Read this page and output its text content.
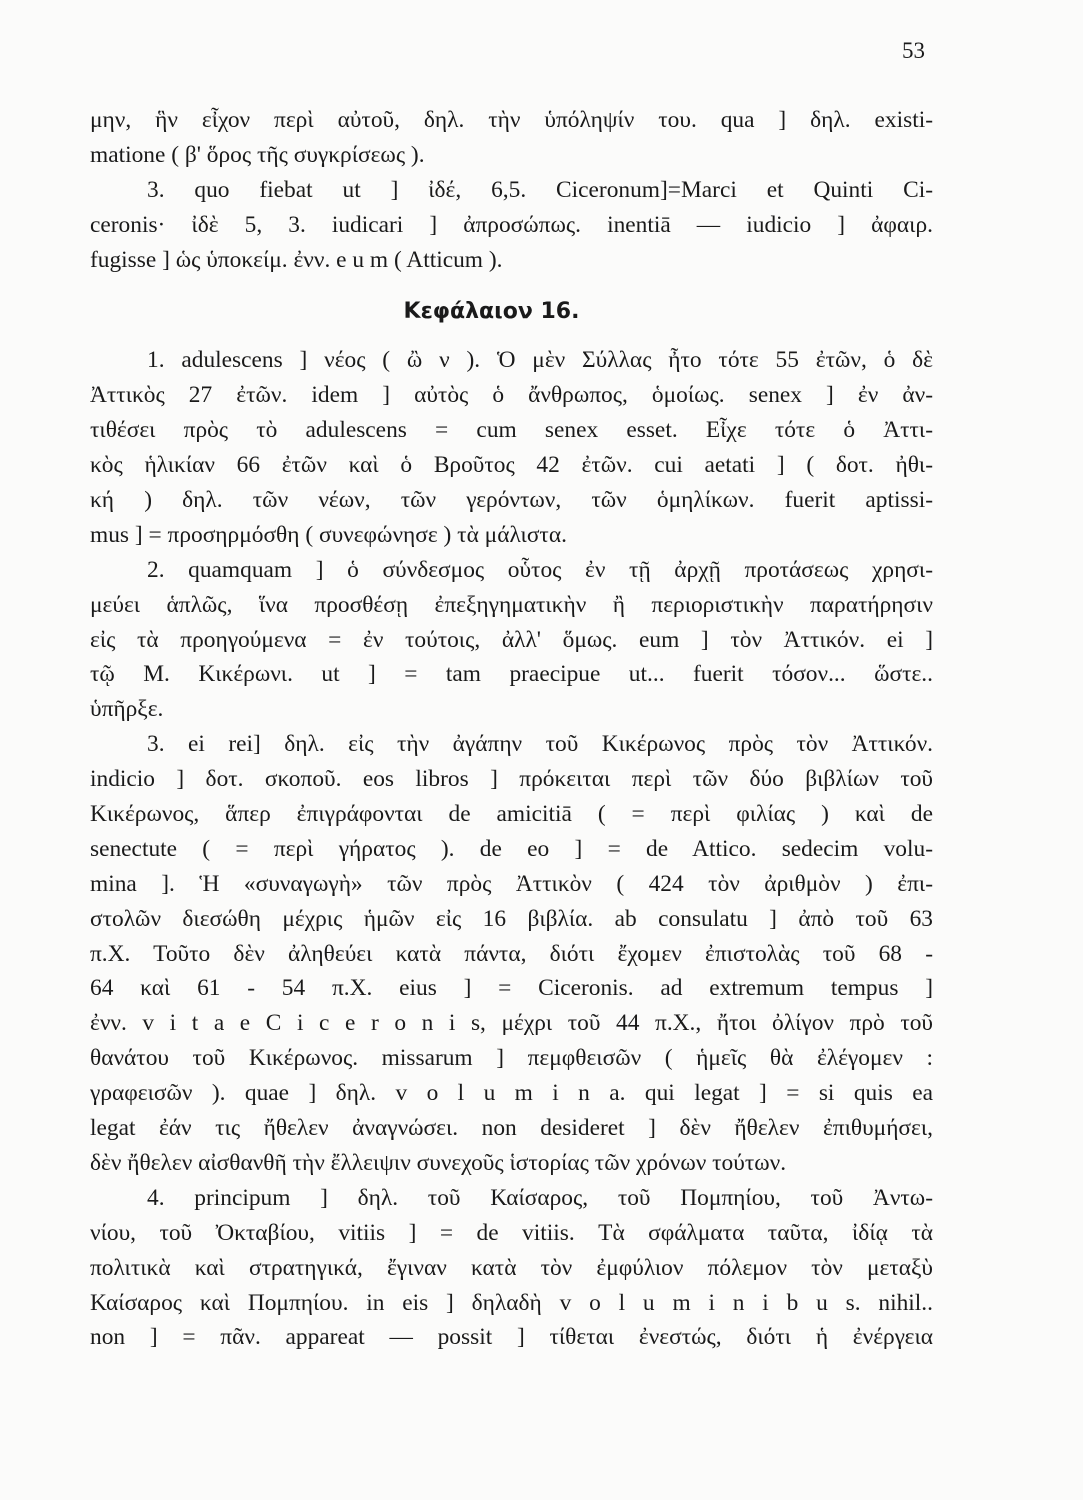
53
μην, ἣν εἶχον περὶ αὐτοῦ, δηλ. τὴν ὑπόληψίν του. qua ] δηλ. existi-
matione ( β' ὅρος τῆς συγκρίσεως ).
3. quo fiebat ut ] ἰδέ, 6,5. Ciceronum]=Marci et Quinti Ci-
ceronis· ἰδὲ 5, 3. iudicari ] ἀπροσώπως. inentiā — iudicio ] ἀφαιρ.
fugisse ] ὡς ὑποκείμ. ἐνν. e u m ( Atticum ).
Κεφάλαιον 16.
1. adulescens ] νέος ( ὢ ν ). Ὁ μὲν Σύλλας ἦτο τότε 55 ἐτῶν, ὁ δὲ
Ἀττικὸς 27 ἐτῶν. idem ] αὐτὸς ὁ ἄνθρωπος, ὁμοίως. senex ] ἐν ἀν-
τιθέσει πρὸς τὸ adulescens = cum senex esset. Εἶχε τότε ὁ Ἀττι-
κὸς ἡλικίαν 66 ἐτῶν καὶ ὁ Βροῦτος 42 ἐτῶν. cui aetati ] ( δοτ. ἠθι-
κή ) δηλ. τῶν νέων, τῶν γερόντων, τῶν ὁμηλίκων. fuerit aptissi-
mus ] = προσηρμόσθη ( συνεφώνησε ) τὰ μάλιστα.
2. quamquam ] ὁ σύνδεσμος οὗτος ἐν τῇ ἀρχῇ προτάσεως χρησι-
μεύει ἁπλῶς, ἵνα προσθέσῃ ἐπεξηγηματικὴν ἢ περιοριστικὴν παρατήρησιν
εἰς τὰ προηγούμενα = ἐν τούτοις, ἀλλ' ὅμως. eum ] τὸν Ἀττικόν. ei ]
τῷ M. Κικέρωνι. ut ] = tam praecipue ut... fuerit τόσον... ὥστε..
ὑπῆρξε.
3. ei rei] δηλ. εἰς τὴν ἀγάπην τοῦ Κικέρωνος πρὸς τὸν Ἀττικόν.
indicio ] δοτ. σκοποῦ. eos libros ] πρόκειται περὶ τῶν δύο βιβλίων τοῦ
Κικέρωνος, ἅπερ ἐπιγράφονται de amicitiā ( = περὶ φιλίας ) καὶ de
senectute ( = περὶ γήρατος ). de eo ] = de Attico. sedecim volu-
mina ]. Ἡ «συναγωγὴ» τῶν πρὸς Ἀττικὸν ( 424 τὸν ἀριθμὸν ) ἐπι-
στολῶν διεσώθη μέχρις ἡμῶν εἰς 16 βιβλία. ab consulatu ] ἀπὸ τοῦ 63
π.Χ. Τοῦτο δὲν ἀληθεύει κατὰ πάντα, διότι ἔχομεν ἐπιστολὰς τοῦ 68 -
64 καὶ 61 - 54 π.Χ. eius ] = Ciceronis. ad extremum tempus ]
ἐνν. v i t a e C i c e r o n i s, μέχρι τοῦ 44 π.Χ., ἤτοι ὀλίγον πρὸ τοῦ
θανάτου τοῦ Κικέρωνος. missarum ] πεμφθεισῶν ( ἡμεῖς θὰ ἐλέγομεν :
γραφεισῶν ). quae ] δηλ. v o l u m i n a. qui legat ] = si quis ea
legat ἐάν τις ἤθελεν ἀναγνώσει. non desideret ] δὲν ἤθελεν ἐπιθυμήσει,
δὲν ἤθελεν αἰσθανθῆ τὴν ἔλλειψιν συνεχοῦς ἱστορίας τῶν χρόνων τούτων.
4. principum ] δηλ. τοῦ Καίσαρος, τοῦ Πομπηίου, τοῦ Ἀντω-
νίου, τοῦ Ὀκταβίου, vitiis ] = de vitiis. Τὰ σφάλματα ταῦτα, ἰδίᾳ τὰ
πολιτικὰ καὶ στρατηγικά, ἔγιναν κατὰ τὸν ἐμφύλιον πόλεμον τὸν μεταξὺ
Καίσαρος καὶ Πομπηίου. in eis ] δηλαδὴ v o l u m i n i b u s. nihil..
non ] = πᾶν. appareat — possit ] τίθεται ἐνεστώς, διότι ἡ ἐνέργεια
